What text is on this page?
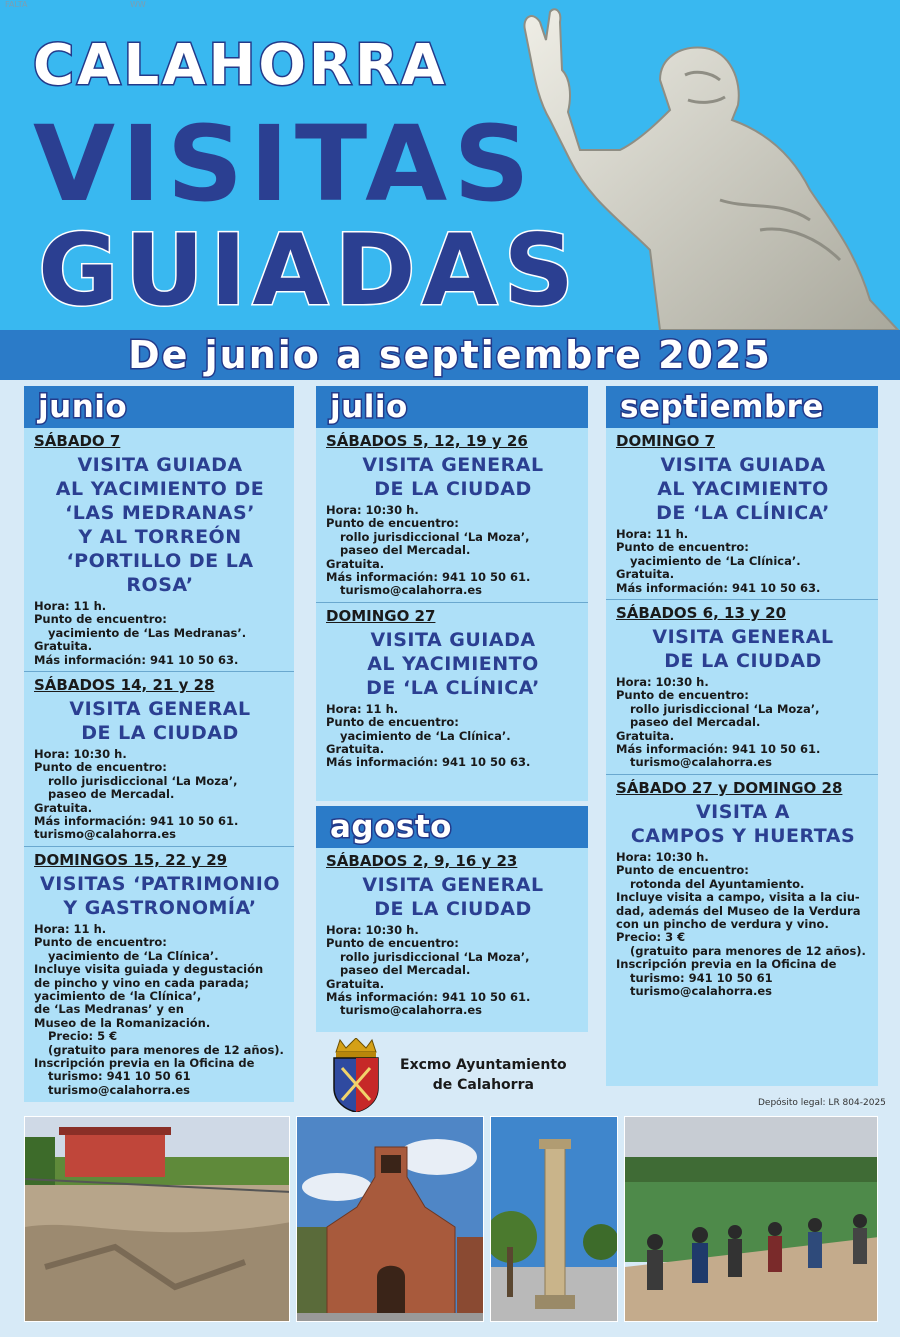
FALTA	WW
CALAHORRA
VISITAS
GUIADAS
De junio a septiembre 2025
junio
SÁBADO 7
VISITA GUIADA
AL YACIMIENTO DE
‘LAS MEDRANAS’
Y AL TORREÓN
‘PORTILLO DE LA ROSA’
Hora: 11 h.
Punto de encuentro:
yacimiento de ‘Las Medranas’.
Gratuita.
Más información: 941 10 50 63.
SÁBADOS 14, 21 y 28
VISITA GENERAL
DE LA CIUDAD
Hora: 10:30 h.
Punto de encuentro:
rollo jurisdiccional ‘La Moza’,
paseo de Mercadal.
Gratuita.
Más información: 941 10 50 61.
turismo@calahorra.es
DOMINGOS 15, 22 y 29
VISITAS ‘PATRIMONIO
Y GASTRONOMÍA’
Hora: 11 h.
Punto de encuentro:
yacimiento de ‘La Clínica’.
Incluye visita guiada y degustación
de pincho y vino en cada parada;
yacimiento de ‘la Clínica’,
de ‘Las Medranas’ y en
Museo de la Romanización.
Precio: 5 €
(gratuito para menores de 12 años).
Inscripción previa en la Oficina de
turismo: 941 10 50 61
turismo@calahorra.es
julio
SÁBADOS 5, 12, 19 y 26
VISITA GENERAL
DE LA CIUDAD
Hora: 10:30 h.
Punto de encuentro:
rollo jurisdiccional ‘La Moza’,
paseo del Mercadal.
Gratuita.
Más información: 941 10 50 61.
turismo@calahorra.es
DOMINGO 27
VISITA GUIADA
AL YACIMIENTO
DE ‘LA CLÍNICA’
Hora: 11 h.
Punto de encuentro:
yacimiento de ‘La Clínica’.
Gratuita.
Más información: 941 10 50 63.
agosto
SÁBADOS 2, 9, 16 y 23
VISITA GENERAL
DE LA CIUDAD
Hora: 10:30 h.
Punto de encuentro:
rollo jurisdiccional ‘La Moza’,
paseo del Mercadal.
Gratuita.
Más información: 941 10 50 61.
turismo@calahorra.es
septiembre
DOMINGO 7
VISITA GUIADA
AL YACIMIENTO
DE ‘LA CLÍNICA’
Hora: 11 h.
Punto de encuentro:
yacimiento de ‘La Clínica’.
Gratuita.
Más información: 941 10 50 63.
SÁBADOS 6, 13 y 20
VISITA GENERAL
DE LA CIUDAD
Hora: 10:30 h.
Punto de encuentro:
rollo jurisdiccional ‘La Moza’,
paseo del Mercadal.
Gratuita.
Más información: 941 10 50 61.
turismo@calahorra.es
SÁBADO 27 y DOMINGO 28
VISITA A
CAMPOS Y HUERTAS
Hora: 10:30 h.
Punto de encuentro:
rotonda del Ayuntamiento.
Incluye visita a campo, visita a la ciu-
dad, además del Museo de la Verdura
con un pincho de verdura y vino.
Precio: 3 €
(gratuito para menores de 12 años).
Inscripción previa en la Oficina de
turismo: 941 10 50 61
turismo@calahorra.es
Excmo Ayuntamiento
de Calahorra
Depósito legal: LR 804-2025
